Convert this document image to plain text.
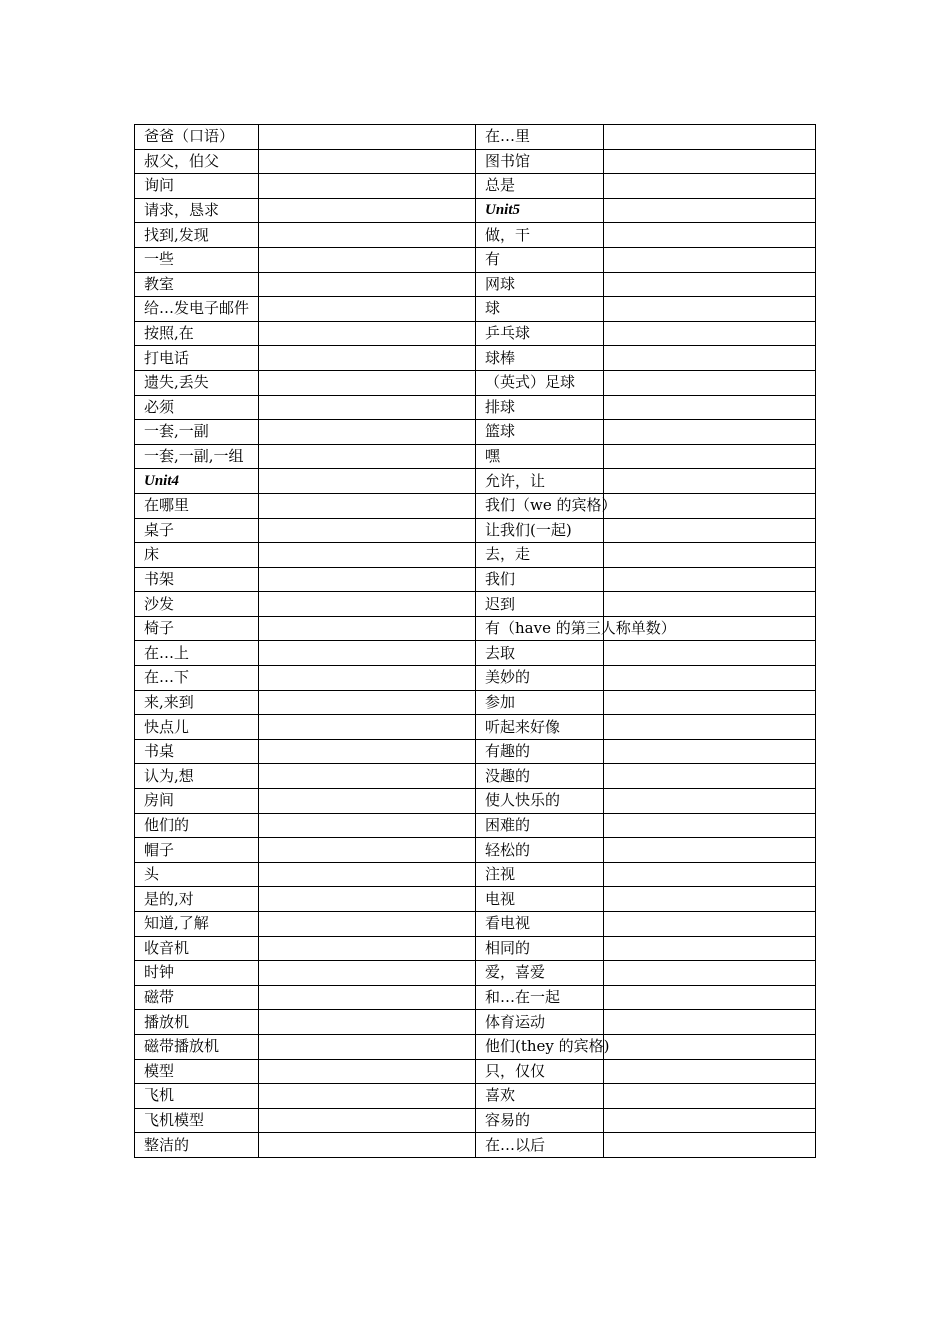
爸爸（口语）		在…里	
叔父，伯父		图书馆	
询问		总是	
请求，恳求		Unit5	
找到,发现		做，干	
一些		有	
教室		网球	
给…发电子邮件		球	
按照,在		乒乓球	
打电话		球棒	
遗失,丢失		（英式）足球	
必须		排球	
一套,一副		篮球	
一套,一副,一组		嘿	
Unit4		允许，让	
在哪里		我们（we 的宾格）	
桌子		让我们(一起)	
床		去，走	
书架		我们	
沙发		迟到	
椅子		有（have 的第三人称单数）	
在…上		去取	
在…下		美妙的	
来,来到		参加	
快点儿		听起来好像	
书桌		有趣的	
认为,想		没趣的	
房间		使人快乐的	
他们的		困难的	
帽子		轻松的	
头		注视	
是的,对		电视	
知道,了解		看电视	
收音机		相同的	
时钟		爱，喜爱	
磁带		和…在一起	
播放机		体育运动	
磁带播放机		他们(they 的宾格)	
模型		只，仅仅	
飞机		喜欢	
飞机模型		容易的	
整洁的		在…以后	
